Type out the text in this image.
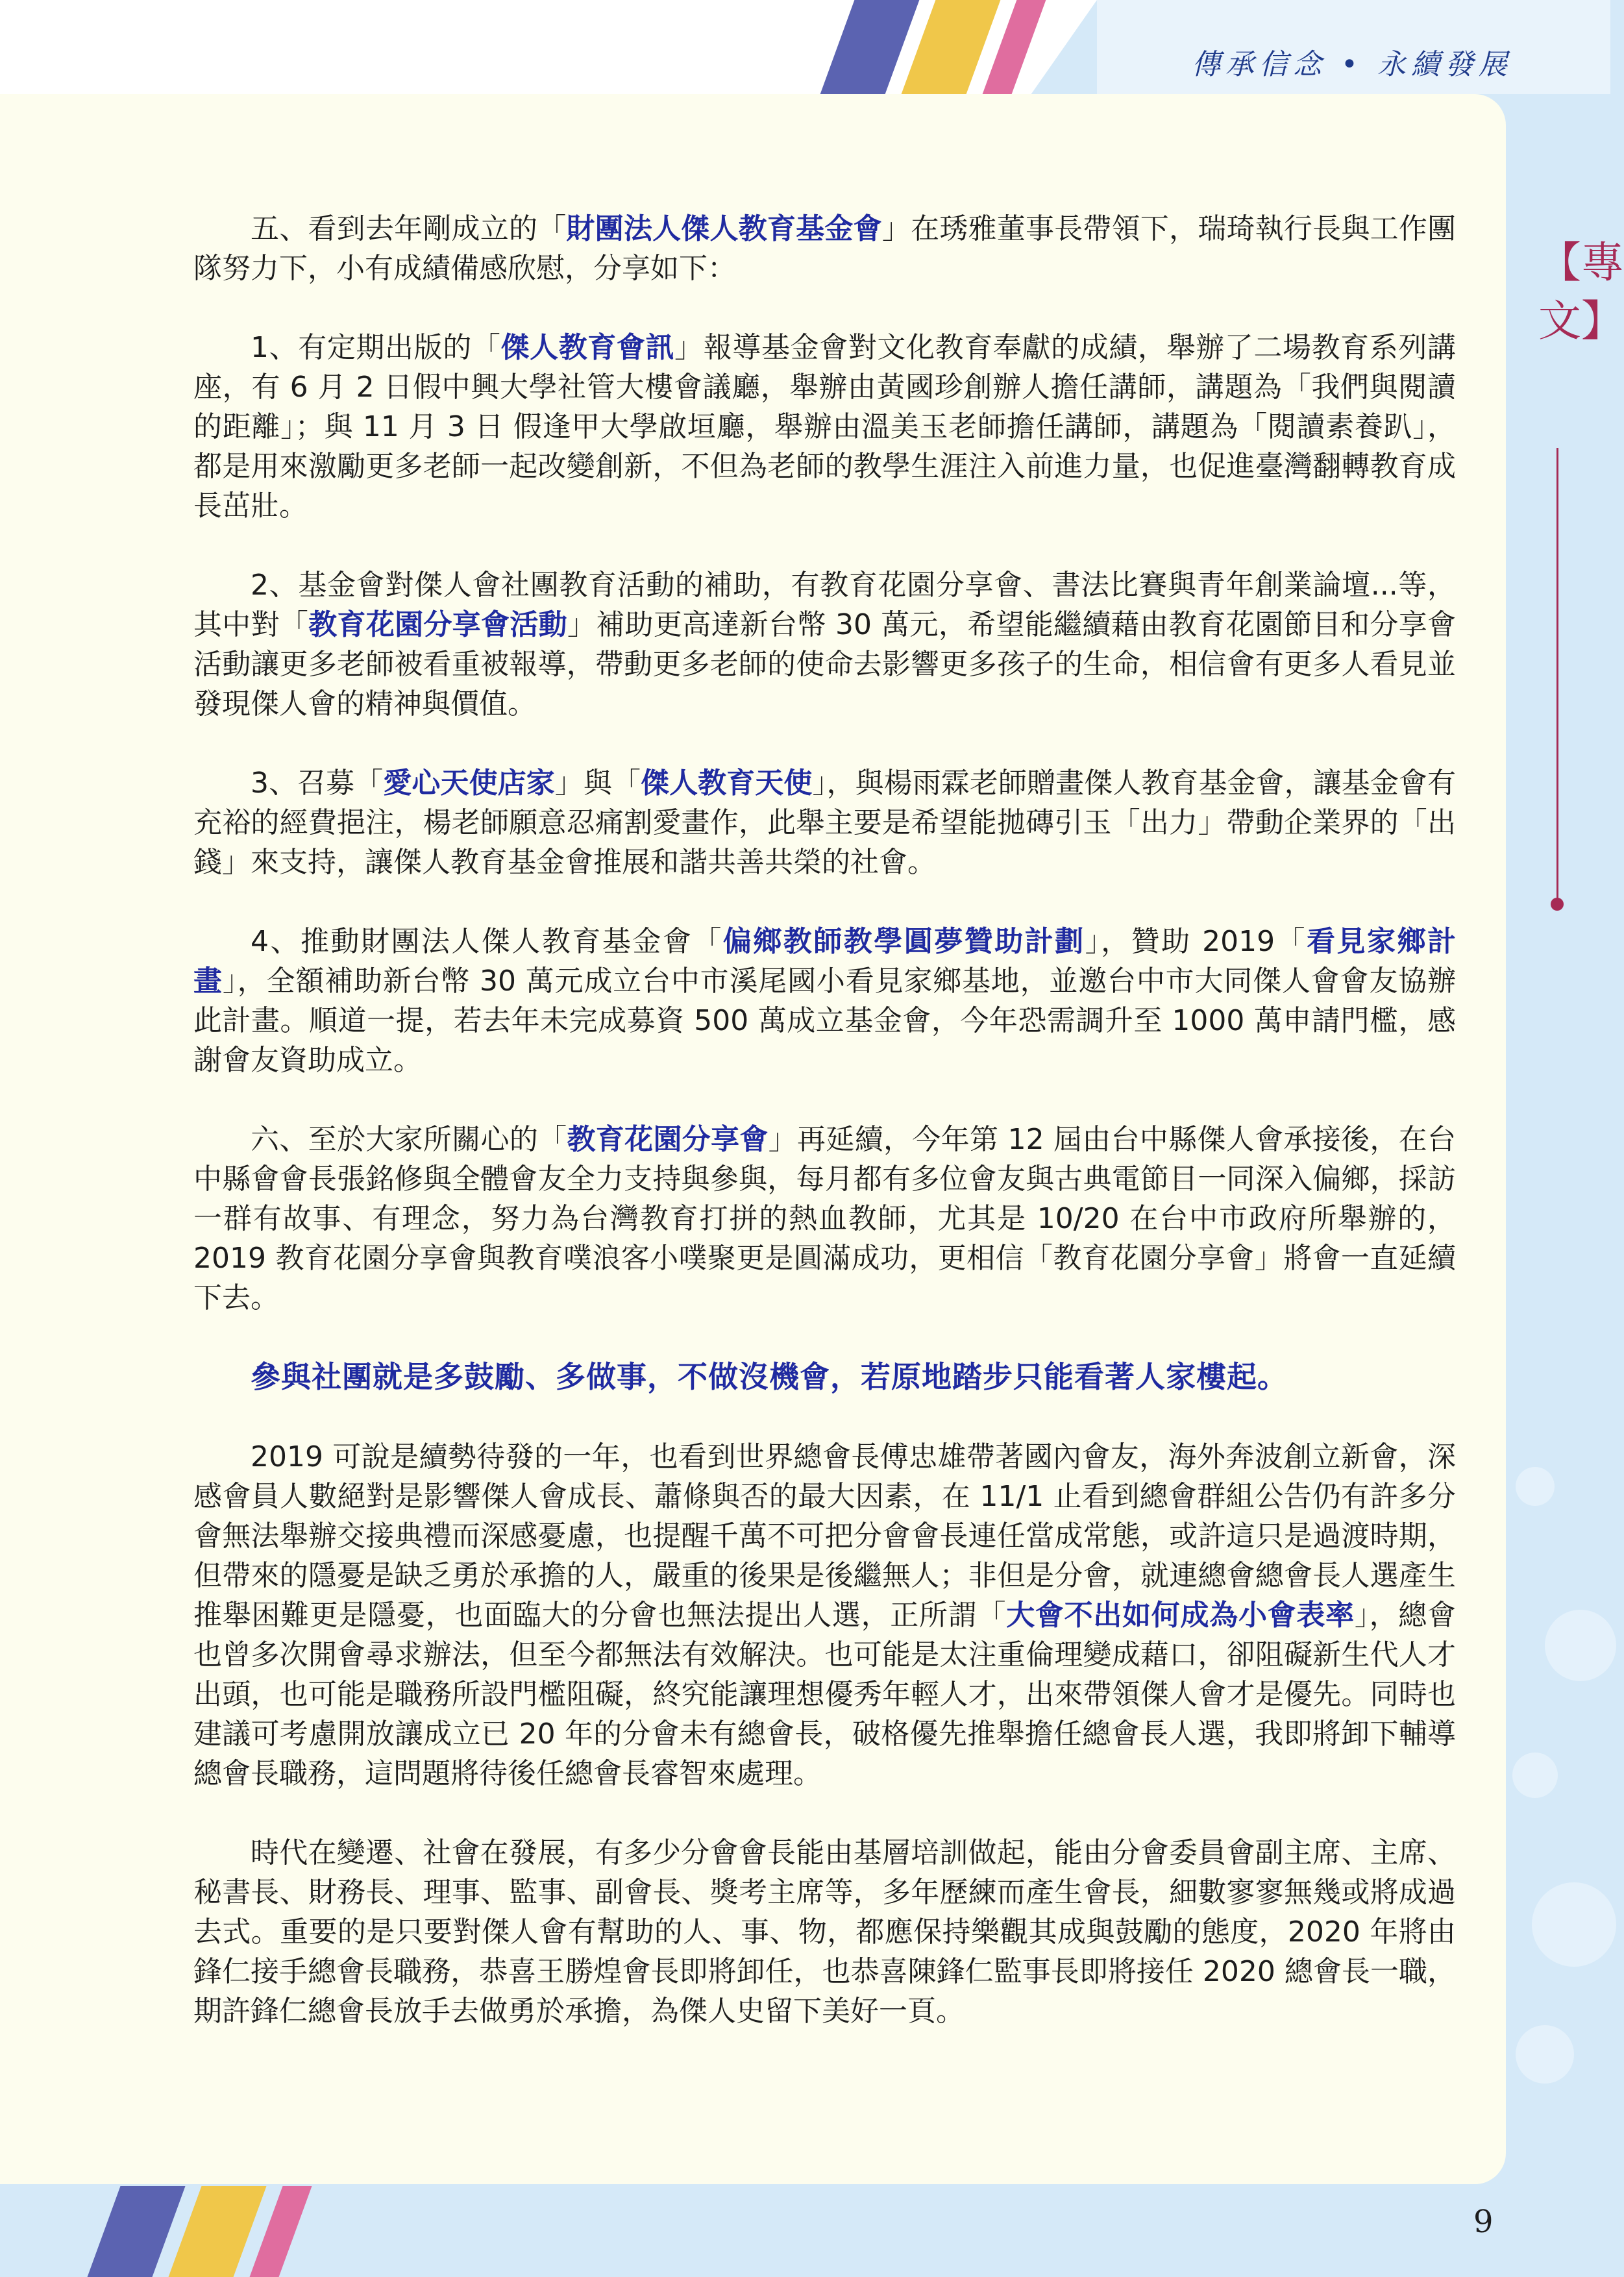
傳承信念 • 永續發展
【專文】

五、看到去年剛成立的「財團法人傑人教育基金會」在琇雅董事長帶領下，瑞琦執行長與工作團隊努力下，小有成績備感欣慰，分享如下：

1、有定期出版的「傑人教育會訊」報導基金會對文化教育奉獻的成績，舉辦了二場教育系列講座，有 6 月 2 日假中興大學社管大樓會議廳，舉辦由黃國珍創辦人擔任講師，講題為「我們與閱讀的距離」；與 11 月 3 日 假逢甲大學啟垣廳，舉辦由溫美玉老師擔任講師，講題為「閱讀素養趴」，都是用來激勵更多老師一起改變創新，不但為老師的教學生涯注入前進力量，也促進臺灣翻轉教育成長茁壯。

2、基金會對傑人會社團教育活動的補助，有教育花園分享會、書法比賽與青年創業論壇...等，其中對「教育花園分享會活動」補助更高達新台幣 30 萬元，希望能繼續藉由教育花園節目和分享會活動讓更多老師被看重被報導，帶動更多老師的使命去影響更多孩子的生命，相信會有更多人看見並發現傑人會的精神與價值。

3、召募「愛心天使店家」與「傑人教育天使」，與楊雨霖老師贈畫傑人教育基金會，讓基金會有充裕的經費挹注，楊老師願意忍痛割愛畫作，此舉主要是希望能拋磚引玉「出力」帶動企業界的「出錢」來支持，讓傑人教育基金會推展和諧共善共榮的社會。

4、推動財團法人傑人教育基金會「偏鄉教師教學圓夢贊助計劃」，贊助 2019「看見家鄉計畫」，全額補助新台幣 30 萬元成立台中市溪尾國小看見家鄉基地，並邀台中市大同傑人會會友協辦此計畫。順道一提，若去年未完成募資 500 萬成立基金會，今年恐需調升至 1000 萬申請門檻，感謝會友資助成立。

六、至於大家所關心的「教育花園分享會」再延續，今年第 12 屆由台中縣傑人會承接後，在台中縣會會長張銘修與全體會友全力支持與參與，每月都有多位會友與古典電節目一同深入偏鄉，採訪一群有故事、有理念，努力為台灣教育打拼的熱血教師，尤其是 10/20 在台中市政府所舉辦的， 2019 教育花園分享會與教育噗浪客小噗聚更是圓滿成功，更相信「教育花園分享會」將會一直延續下去。

參與社團就是多鼓勵、多做事，不做沒機會，若原地踏步只能看著人家樓起。

2019 可說是續勢待發的一年，也看到世界總會長傅忠雄帶著國內會友，海外奔波創立新會，深感會員人數絕對是影響傑人會成長、蕭條與否的最大因素，在 11/1 止看到總會群組公告仍有許多分會無法舉辦交接典禮而深感憂慮，也提醒千萬不可把分會會長連任當成常態，或許這只是過渡時期，但帶來的隱憂是缺乏勇於承擔的人，嚴重的後果是後繼無人；非但是分會，就連總會總會長人選產生推舉困難更是隱憂，也面臨大的分會也無法提出人選，正所謂「大會不出如何成為小會表率」，總會也曾多次開會尋求辦法，但至今都無法有效解決。也可能是太注重倫理變成藉口，卻阻礙新生代人才出頭，也可能是職務所設門檻阻礙，終究能讓理想優秀年輕人才，出來帶領傑人會才是優先。同時也建議可考慮開放讓成立已 20 年的分會未有總會長，破格優先推舉擔任總會長人選，我即將卸下輔導總會長職務，這問題將待後任總會長睿智來處理。

時代在變遷、社會在發展，有多少分會會長能由基層培訓做起，能由分會委員會副主席、主席、秘書長、財務長、理事、監事、副會長、獎考主席等，多年歷練而產生會長，細數寥寥無幾或將成過去式。重要的是只要對傑人會有幫助的人、事、物，都應保持樂觀其成與鼓勵的態度，2020 年將由鋒仁接手總會長職務，恭喜王勝煌會長即將卸任，也恭喜陳鋒仁監事長即將接任 2020 總會長一職，期許鋒仁總會長放手去做勇於承擔，為傑人史留下美好一頁。

9
